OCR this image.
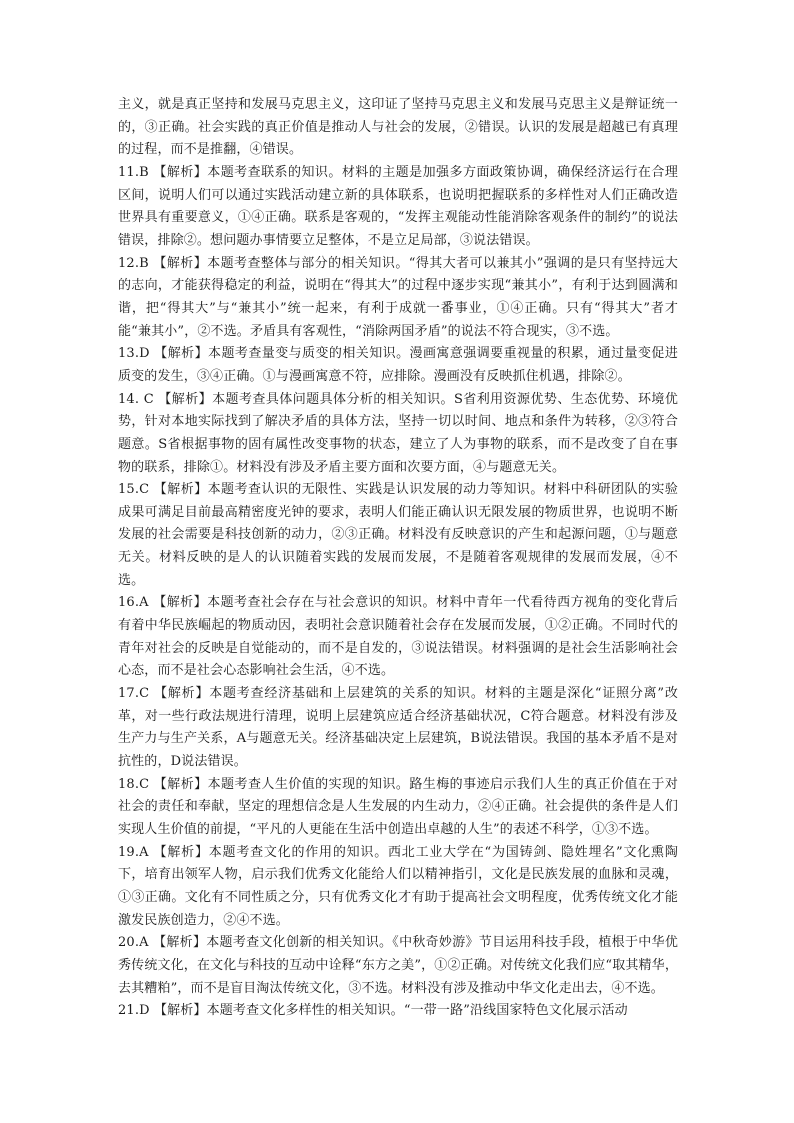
主义，就是真正坚持和发展马克思主义，这印证了坚持马克思主义和发展马克思主义是辩证统一的，③正确。社会实践的真正价值是推动人与社会的发展，②错误。认识的发展是超越已有真理的过程，而不是推翻，④错误。

11.B 【解析】本题考查联系的知识。材料的主题是加强多方面政策协调，确保经济运行在合理区间，说明人们可以通过实践活动建立新的具体联系，也说明把握联系的多样性对人们正确改造世界具有重要意义，①④正确。联系是客观的，“发挥主观能动性能消除客观条件的制约”的说法错误，排除②。想问题办事情要立足整体，不是立足局部，③说法错误。

12.B 【解析】本题考查整体与部分的相关知识。“得其大者可以兼其小”强调的是只有坚持远大的志向，才能获得稳定的利益，说明在“得其大”的过程中逐步实现“兼其小”，有利于达到圆满和谐，把“得其大”与“兼其小”统一起来，有利于成就一番事业，①④正确。只有“得其大”者才能“兼其小”，②不选。矛盾具有客观性，“消除两国矛盾”的说法不符合现实，③不选。

13.D 【解析】本题考查量变与质变的相关知识。漫画寓意强调要重视量的积累，通过量变促进质变的发生，③④正确。①与漫画寓意不符，应排除。漫画没有反映抓住机遇，排除②。

14. C 【解析】本题考查具体问题具体分析的相关知识。S省利用资源优势、生态优势、环境优势，针对本地实际找到了解决矛盾的具体方法，坚持一切以时间、地点和条件为转移，②③符合题意。S省根据事物的固有属性改变事物的状态，建立了人为事物的联系，而不是改变了自在事物的联系，排除①。材料没有涉及矛盾主要方面和次要方面，④与题意无关。

15.C 【解析】本题考查认识的无限性、实践是认识发展的动力等知识。材料中科研团队的实验成果可满足目前最高精密度光钟的要求，表明人们能正确认识无限发展的物质世界，也说明不断发展的社会需要是科技创新的动力，②③正确。材料没有反映意识的产生和起源问题，①与题意无关。材料反映的是人的认识随着实践的发展而发展，不是随着客观规律的发展而发展，④不选。

16.A 【解析】本题考查社会存在与社会意识的知识。材料中青年一代看待西方视角的变化背后有着中华民族崛起的物质动因，表明社会意识随着社会存在发展而发展，①②正确。不同时代的青年对社会的反映是自觉能动的，而不是自发的，③说法错误。材料强调的是社会生活影响社会心态，而不是社会心态影响社会生活，④不选。

17.C 【解析】本题考查经济基础和上层建筑的关系的知识。材料的主题是深化“证照分离”改革，对一些行政法规进行清理，说明上层建筑应适合经济基础状况，C符合题意。材料没有涉及生产力与生产关系，A与题意无关。经济基础决定上层建筑，B说法错误。我国的基本矛盾不是对抗性的，D说法错误。

18.C 【解析】本题考查人生价值的实现的知识。路生梅的事迹启示我们人生的真正价值在于对社会的责任和奉献，坚定的理想信念是人生发展的内生动力，②④正确。社会提供的条件是人们实现人生价值的前提，“平凡的人更能在生活中创造出卓越的人生”的表述不科学，①③不选。

19.A 【解析】本题考查文化的作用的知识。西北工业大学在“为国铸剑、隐姓埋名”文化熏陶下，培育出领军人物，启示我们优秀文化能给人们以精神指引，文化是民族发展的血脉和灵魂，①③正确。文化有不同性质之分，只有优秀文化才有助于提高社会文明程度，优秀传统文化才能激发民族创造力，②④不选。

20.A 【解析】本题考查文化创新的相关知识。《中秋奇妙游》节目运用科技手段，植根于中华优秀传统文化，在文化与科技的互动中诠释“东方之美”，①②正确。对传统文化我们应“取其精华，去其糟粕”，而不是盲目淘汰传统文化，③不选。材料没有涉及推动中华文化走出去，④不选。

21.D 【解析】本题考查文化多样性的相关知识。“一带一路”沿线国家特色文化展示活动
